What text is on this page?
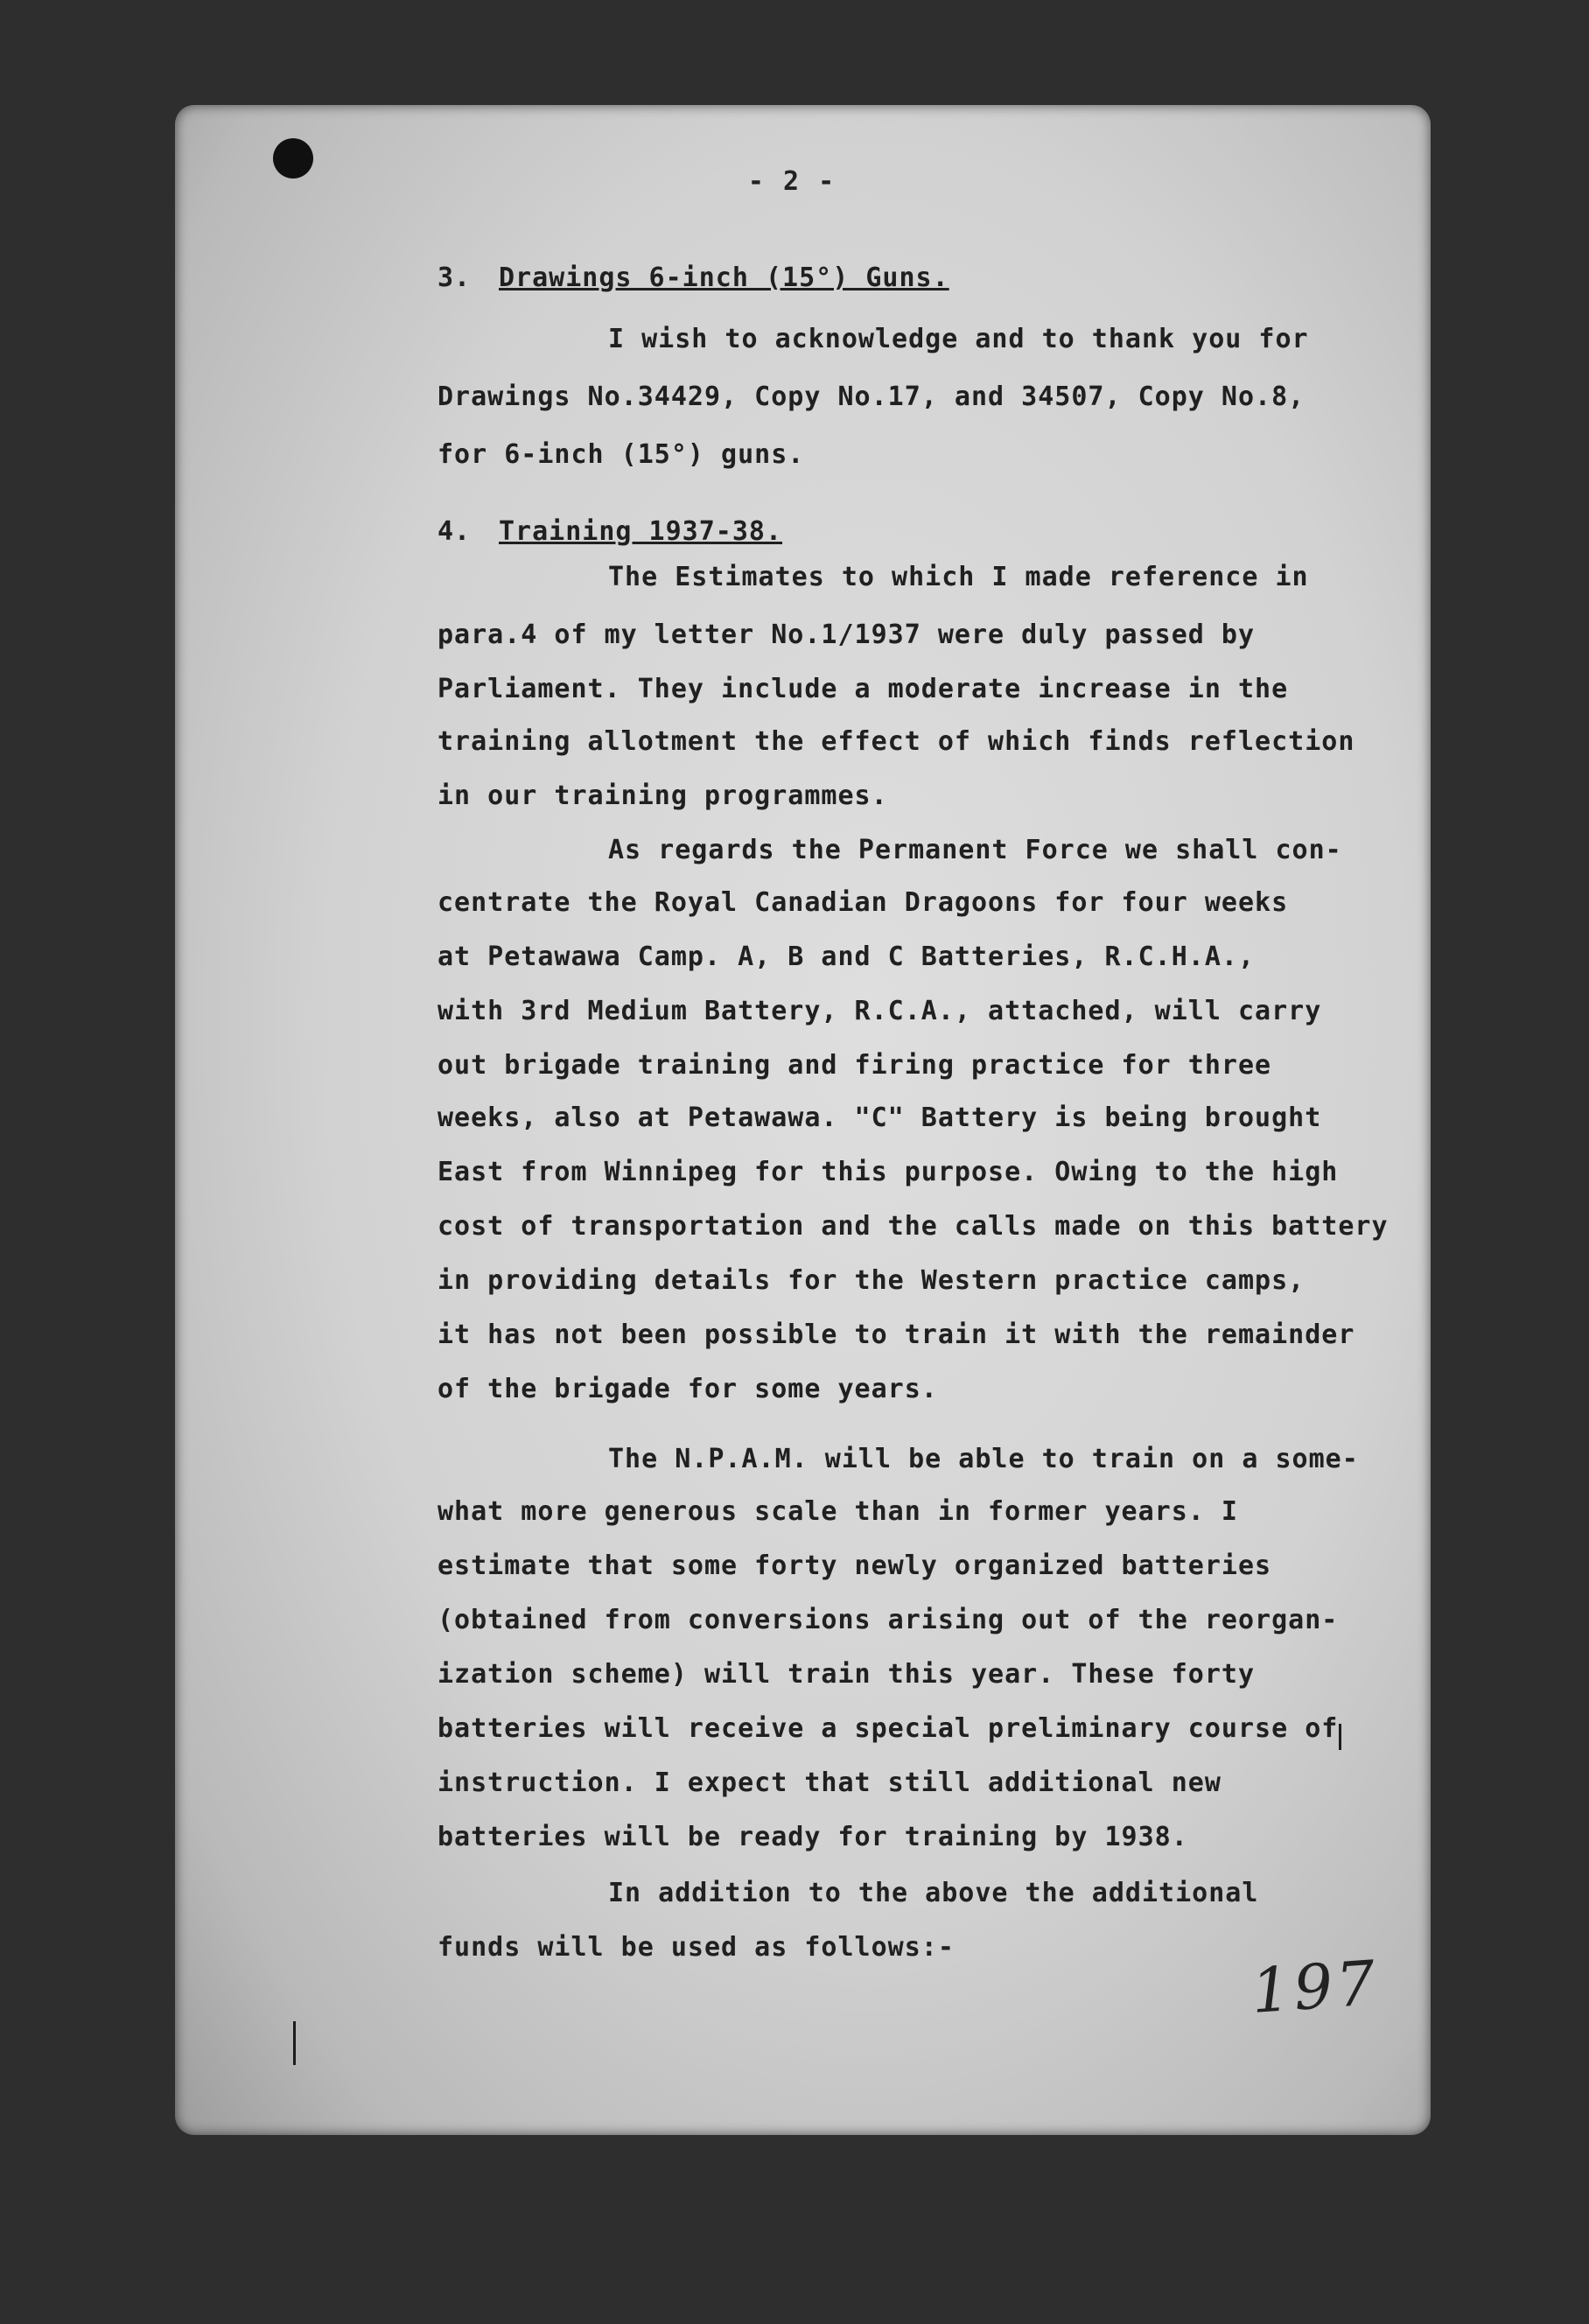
- 2 -
3. Drawings 6-inch (15°) Guns.
I wish to acknowledge and to thank you for
Drawings No.34429, Copy No.17, and 34507, Copy No.8,
for 6-inch (15°) guns.
4. Training 1937-38.
The Estimates to which I made reference in
para.4 of my letter No.1/1937 were duly passed by
Parliament. They include a moderate increase in the
training allotment the effect of which finds reflection
in our training programmes.
As regards the Permanent Force we shall con-
centrate the Royal Canadian Dragoons for four weeks
at Petawawa Camp. A, B and C Batteries, R.C.H.A.,
with 3rd Medium Battery, R.C.A., attached, will carry
out brigade training and firing practice for three
weeks, also at Petawawa. "C" Battery is being brought
East from Winnipeg for this purpose. Owing to the high
cost of transportation and the calls made on this battery
in providing details for the Western practice camps,
it has not been possible to train it with the remainder
of the brigade for some years.
The N.P.A.M. will be able to train on a some-
what more generous scale than in former years. I
estimate that some forty newly organized batteries
(obtained from conversions arising out of the reorgan-
ization scheme) will train this year. These forty
batteries will receive a special preliminary course of
instruction. I expect that still additional new
batteries will be ready for training by 1938.
In addition to the above the additional
funds will be used as follows:-	197
